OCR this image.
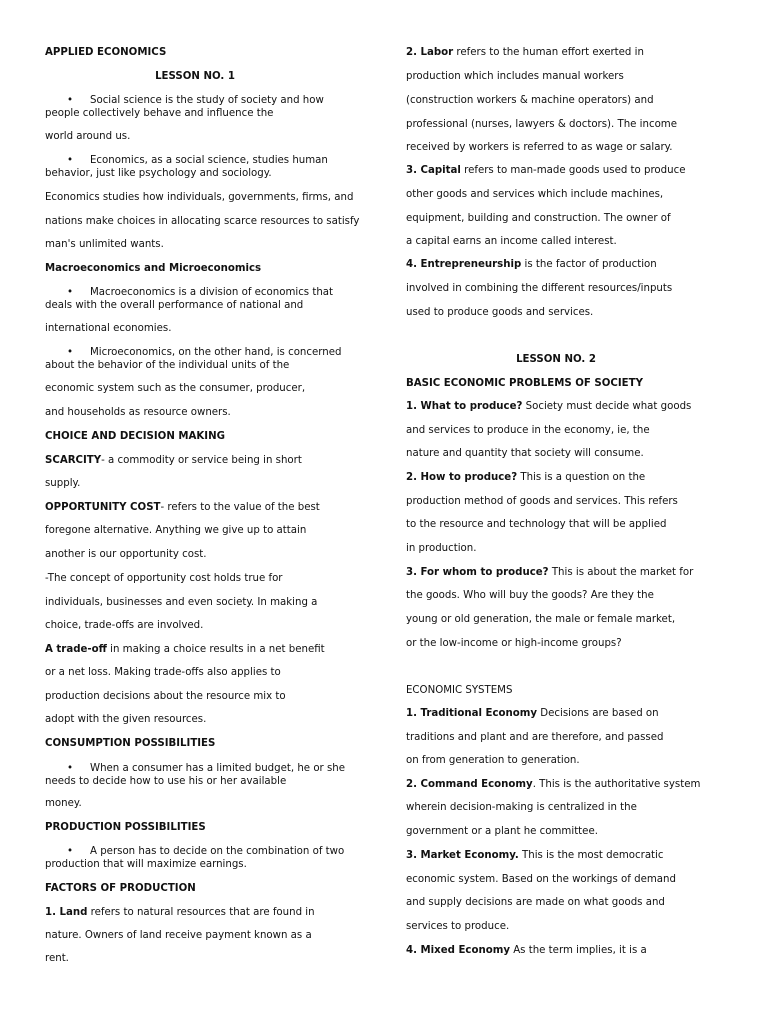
APPLIED ECONOMICS
LESSON NO. 1
• Social science is the study of society and how
people collectively behave and influence the
world around us.
• Economics, as a social science, studies human
behavior, just like psychology and sociology.
Economics studies how individuals, governments, firms, and
nations make choices in allocating scarce resources to satisfy
man's unlimited wants.
Macroeconomics and Microeconomics
• Macroeconomics is a division of economics that
deals with the overall performance of national and
international economies.
• Microeconomics, on the other hand, is concerned
about the behavior of the individual units of the
economic system such as the consumer, producer,
and households as resource owners.
CHOICE AND DECISION MAKING
SCARCITY- a commodity or service being in short
supply.
OPPORTUNITY COST- refers to the value of the best
foregone alternative. Anything we give up to attain
another is our opportunity cost.
-The concept of opportunity cost holds true for
individuals, businesses and even society. In making a
choice, trade-offs are involved.
A trade-off in making a choice results in a net benefit
or a net loss. Making trade-offs also applies to
production decisions about the resource mix to
adopt with the given resources.
CONSUMPTION POSSIBILITIES
• When a consumer has a limited budget, he or she
needs to decide how to use his or her available
money.
PRODUCTION POSSIBILITIES
• A person has to decide on the combination of two
production that will maximize earnings.
FACTORS OF PRODUCTION
1. Land refers to natural resources that are found in
nature. Owners of land receive payment known as a
rent.
2. Labor refers to the human effort exerted in
production which includes manual workers
(construction workers & machine operators) and
professional (nurses, lawyers & doctors). The income
received by workers is referred to as wage or salary.
3. Capital refers to man-made goods used to produce
other goods and services which include machines,
equipment, building and construction. The owner of
a capital earns an income called interest.
4. Entrepreneurship is the factor of production
involved in combining the different resources/inputs
used to produce goods and services.
LESSON NO. 2
BASIC ECONOMIC PROBLEMS OF SOCIETY
1. What to produce? Society must decide what goods
and services to produce in the economy, ie, the
nature and quantity that society will consume.
2. How to produce? This is a question on the
production method of goods and services. This refers
to the resource and technology that will be applied
in production.
3. For whom to produce? This is about the market for
the goods. Who will buy the goods? Are they the
young or old generation, the male or female market,
or the low-income or high-income groups?
ECONOMIC SYSTEMS
1. Traditional Economy Decisions are based on
traditions and plant and are therefore, and passed
on from generation to generation.
2. Command Economy. This is the authoritative system
wherein decision-making is centralized in the
government or a plant he committee.
3. Market Economy. This is the most democratic
economic system. Based on the workings of demand
and supply decisions are made on what goods and
services to produce.
4. Mixed Economy As the term implies, it is a
